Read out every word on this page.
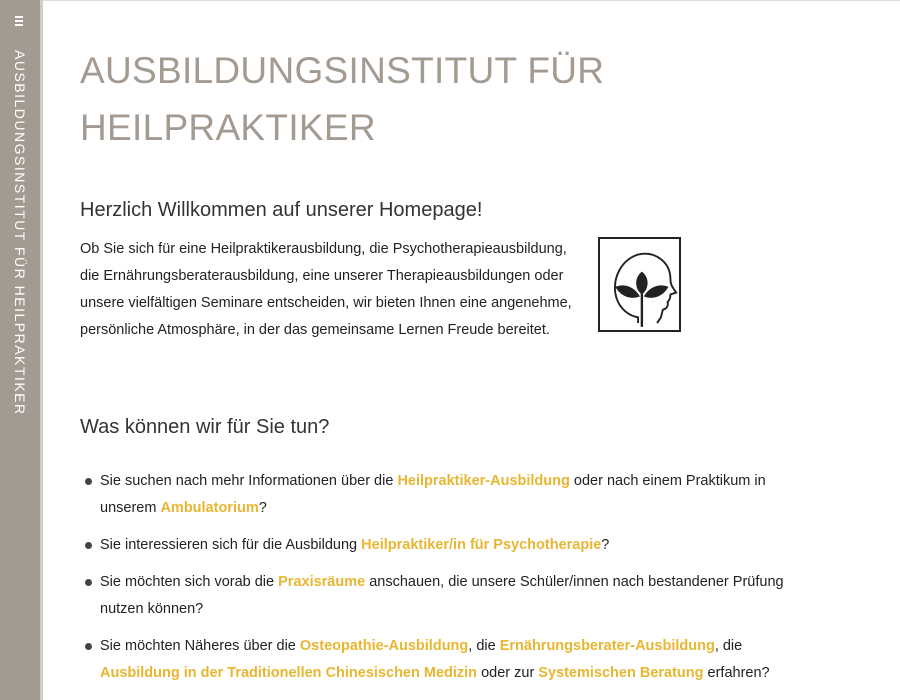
AUSBILDUNGSINSTITUT FÜR HEILPRAKTIKER AUSBILDUNGSINSTITUT FÜR HEILPRAKTIKER
Herzlich Willkommen auf unserer Homepage!

Ob Sie sich für eine Heilpraktikerausbildung, die Psychotherapieausbildung, die Ernährungsberaterausbildung, eine unserer Therapieausbildungen oder unsere vielfältigen Seminare entscheiden, wir bieten Ihnen eine angenehme, persönliche Atmosphäre, in der das gemeinsame Lernen Freude bereitet.

Was können wir für Sie tun?
Sie suchen nach mehr Informationen über die Heilpraktiker-Ausbildung oder nach einem Praktikum in unserem Ambulatorium?
Sie interessieren sich für die Ausbildung Heilpraktiker/in für Psychotherapie?
Sie möchten sich vorab die Praxisräume anschauen, die unsere Schüler/innen nach bestandener Prüfung nutzen können?
Sie möchten Näheres über die Osteopathie-Ausbildung, die Ernährungsberater-Ausbildung, die Ausbildung in der Traditionellen Chinesischen Medizin oder zur Systemischen Beratung erfahren?
